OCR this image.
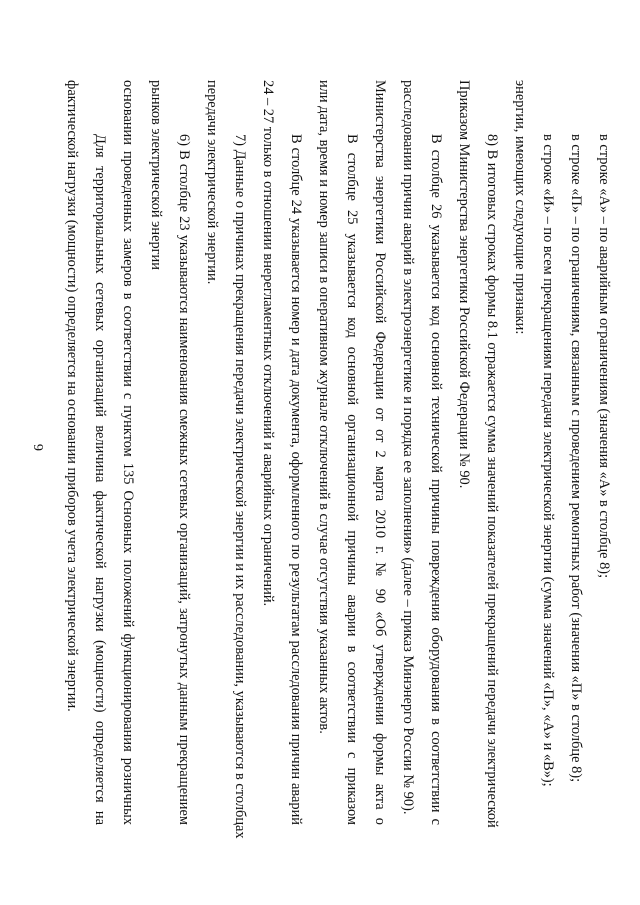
6 фактической нагрузки (мощности) определяется на основании приборов учета электрической энергии. Для территориальных сетевых организаций величина фактической нагрузки (мощности) определяется на основании проведенных замеров в соответствии с пунктом 135 Основных положений функционирования розничных рынков электрической энергии 6) В столбце 23 указываются наименования смежных сетевых организаций, затронутых данным прекращением передачи электрической энергии. 7) Данные о причинах прекращения передачи электрической энергии и их расследовании, указываются в столбцах 24 – 27 только в отношении внерегламентных отключений и аварийных ограничений. В столбце 24 указывается номер и дата документа, оформленного по результатам расследования причин аварий или дата, время и номер записи в оперативном журнале отключений в случае отсутствия указанных актов. В столбце 25 указывается код основной организационной причины аварии в соответствии с приказом Министерства энергетики Российской Федерации от от 2 марта 2010 г. № 90 «Об утверждении формы акта о расследовании причин аварий в электроэнергетике и порядка ее заполнения» (далее – приказ Минэнерго России № 90). В столбце 26 указывается код основной технической причины повреждения оборудования в соответствии с Приказом Министерства энергетики Российской Федерации № 90. 8) В итоговых строках формы 8.1 отражается сумма значений показателей прекращений передачи электрической энергии, имеющих следующие признаки: в строке «И» – по всем прекращениям передачи электрической энергии (сумма значений «П», «А» и «В»); в строке «П» – по ограничениям, связанным с проведением ремонтных работ (значения «П» в столбце 8); в строке «А» – по аварийным ограничениям (значения «А» в столбце 8);
